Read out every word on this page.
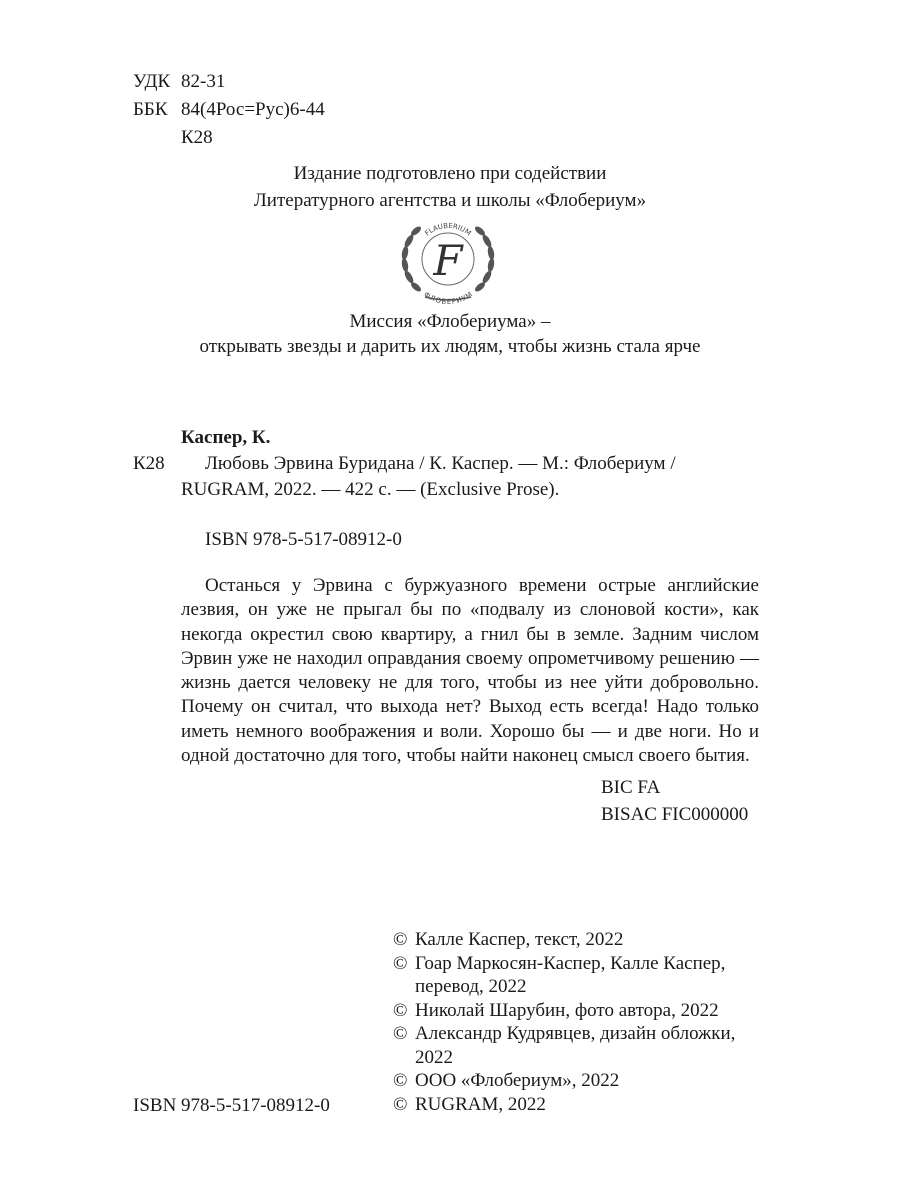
УДК 82-31
ББК 84(4Рос=Рус)6-44
К28
Издание подготовлено при содействии
Литературного агентства и школы «Флобериум»
FLAUBERIUM
ФЛОБЕРИУМ
F
Миссия «Флобериума» –
открывать звезды и дарить их людям, чтобы жизнь стала ярче
Каспер, К.
К28 Любовь Эрвина Буридана / К. Каспер. — М.: Флобериум /
RUGRAM, 2022. — 422 с. — (Exclusive Prose).
ISBN 978-5-517-08912-0

Останься у Эрвина с буржуазного времени острые английские лезвия, он уже не прыгал бы по «подвалу из слоновой кости», как некогда окрестил свою квартиру, а гнил бы в земле. Задним числом Эрвин уже не находил оправдания своему опрометчивому решению — жизнь дается человеку не для того, чтобы из нее уйти добровольно. Почему он считал, что выхода нет? Выход есть всегда! Надо только иметь немного воображения и воли. Хорошо бы — и две ноги. Но и одной достаточно для того, чтобы найти наконец смысл своего бытия.

BIC FA
BISAC FIC000000
ISBN 978-5-517-08912-0
© Калле Каспер, текст, 2022
© Гоар Маркосян-Каспер, Калле Каспер, перевод, 2022
© Николай Шарубин, фото автора, 2022
© Александр Кудрявцев, дизайн обложки, 2022
© ООО «Флобериум», 2022
© RUGRAM, 2022
